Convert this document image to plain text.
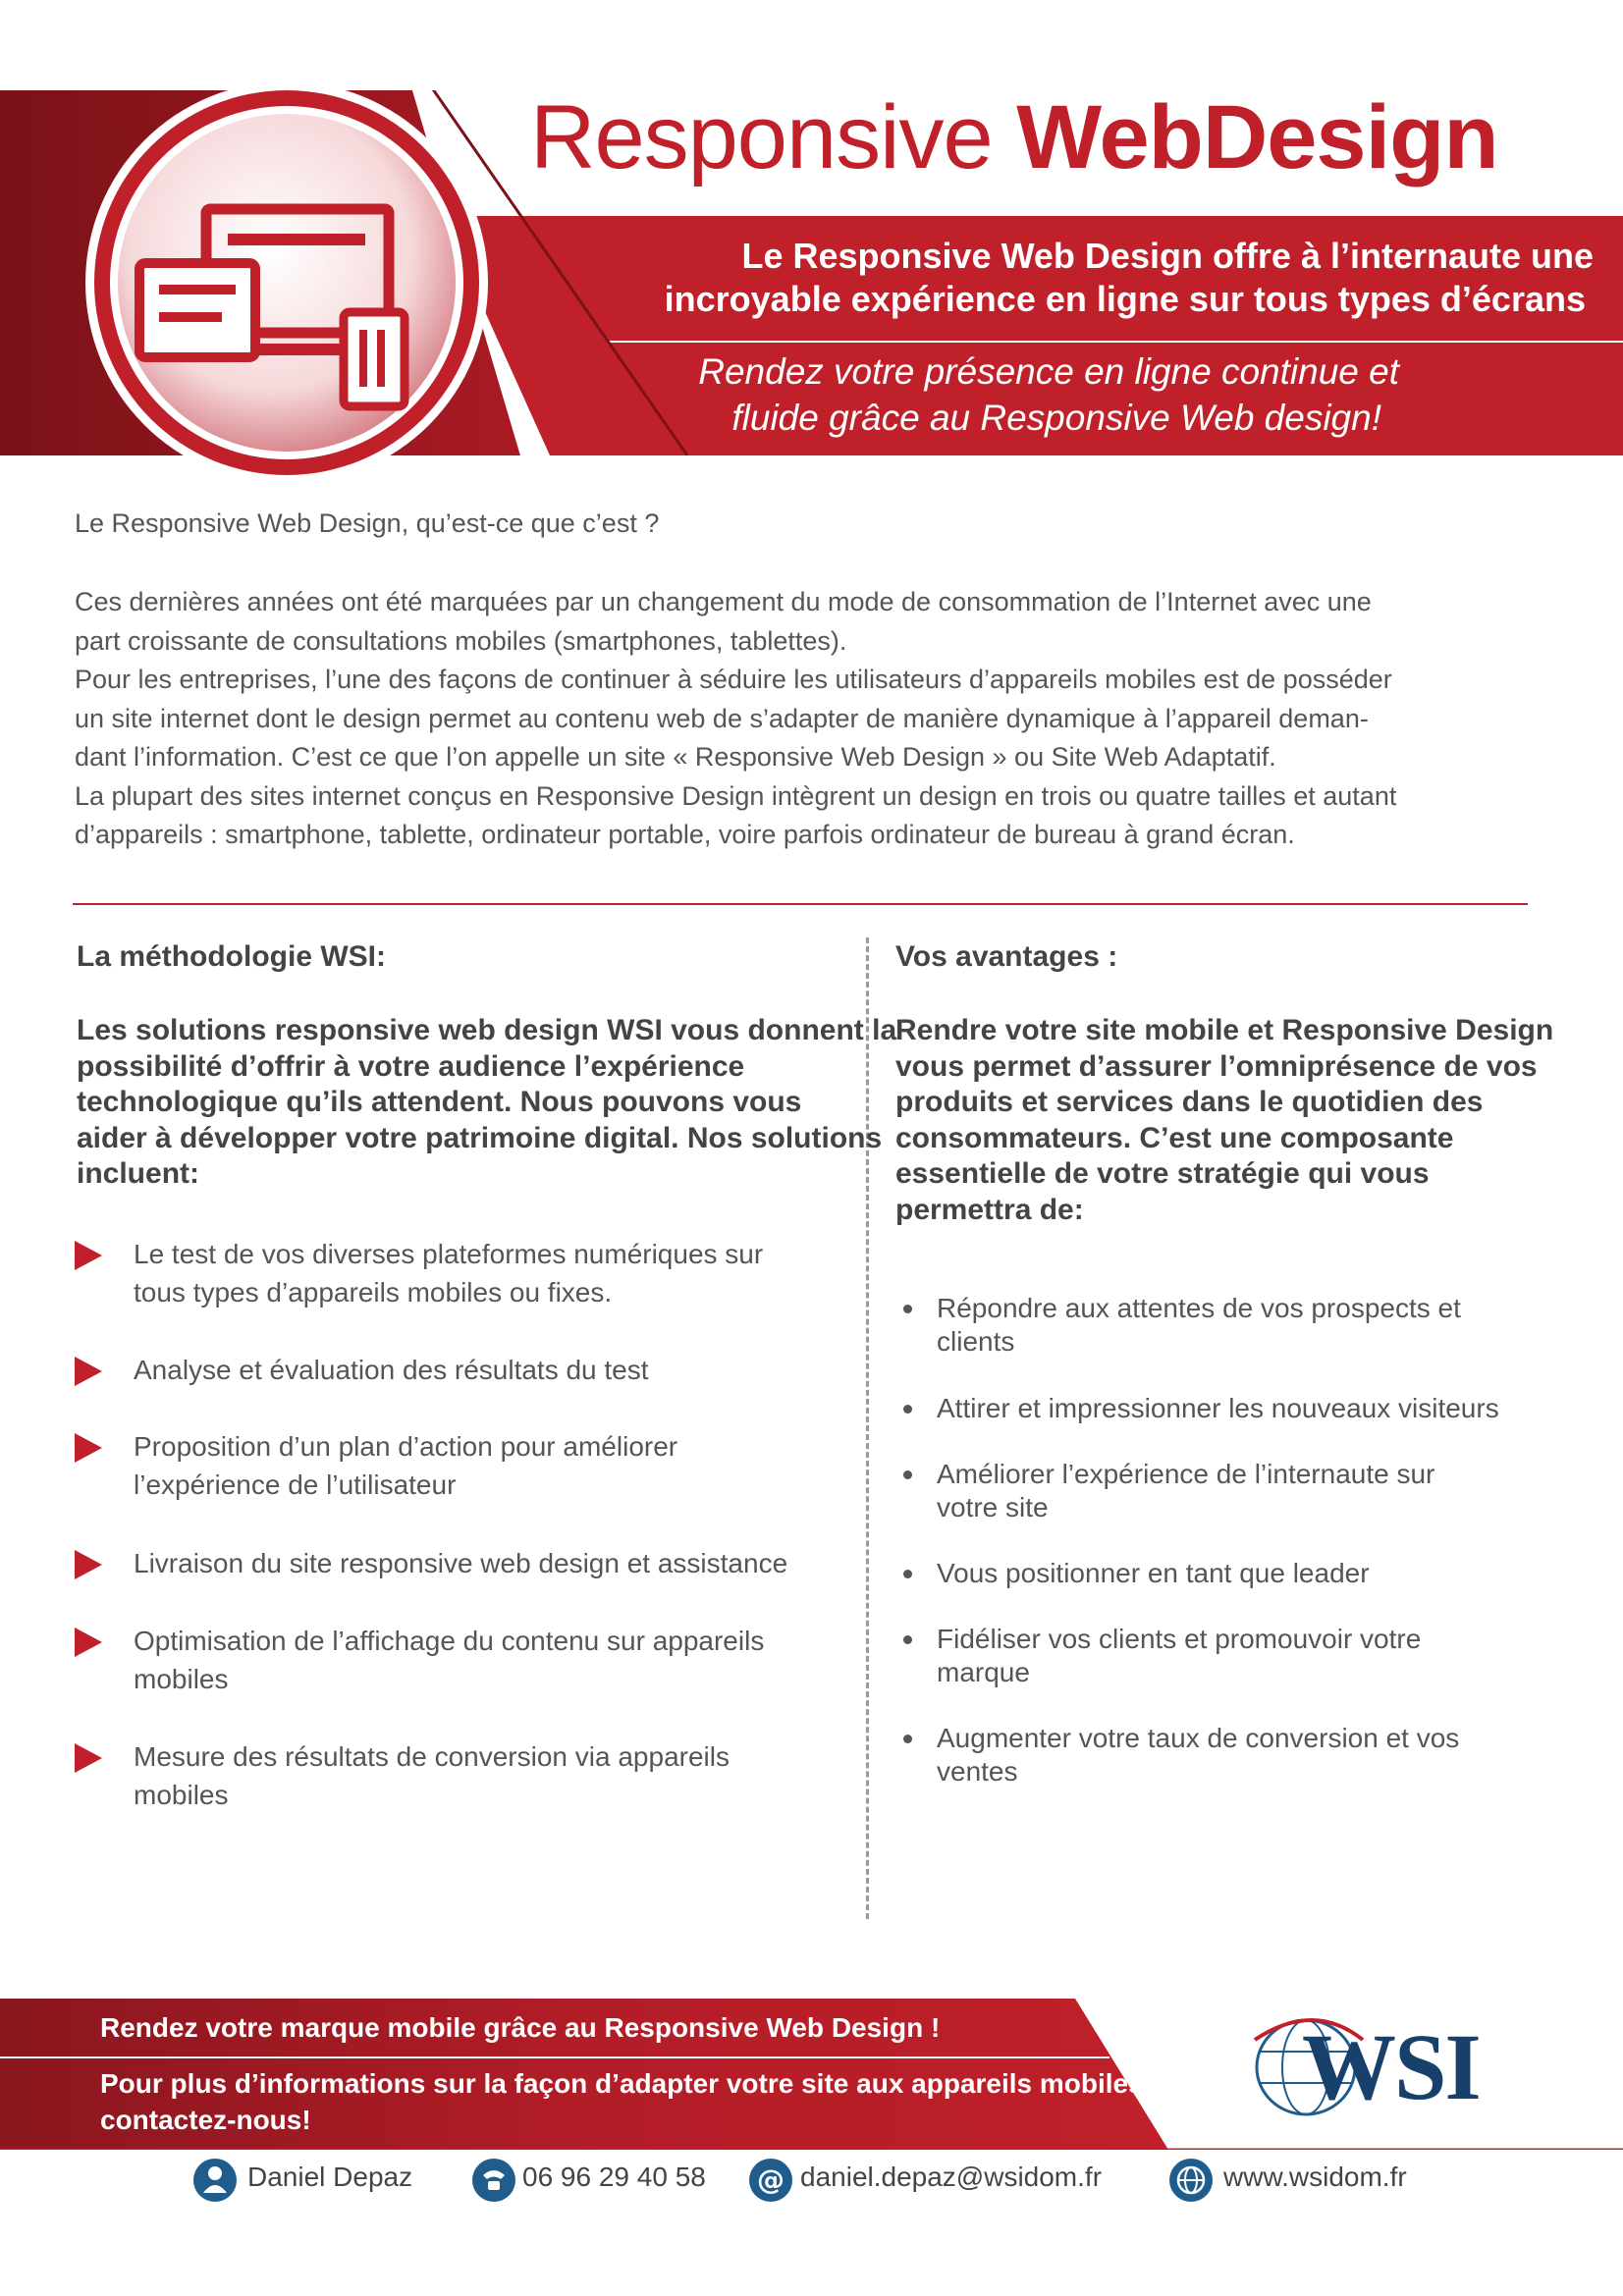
Responsive WebDesign
Le Responsive Web Design offre à l’internaute une
incroyable expérience en ligne sur tous types d’écrans
Rendez votre présence en ligne continue et
fluide grâce au Responsive Web design!
Le Responsive Web Design, qu’est-ce que c’est ?
Ces dernières années ont été marquées par un changement du mode de consommation de l’Internet avec une
part croissante de consultations mobiles (smartphones, tablettes).
Pour les entreprises, l’une des façons de continuer à séduire les utilisateurs d’appareils mobiles est de posséder
un site internet dont le design permet au contenu web de s’adapter de manière dynamique à l’appareil deman-
dant l’information. C’est ce que l’on appelle un site « Responsive Web Design » ou Site Web Adaptatif.
La plupart des sites internet conçus en Responsive Design intègrent un design en trois ou quatre tailles et autant
d’appareils : smartphone, tablette, ordinateur portable, voire parfois ordinateur de bureau à grand écran.
La méthodologie WSI:
Les solutions responsive web design WSI vous donnent la
possibilité d’offrir à votre audience l’expérience
technologique qu’ils attendent. Nous pouvons vous
aider à développer votre patrimoine digital. Nos solutions
incluent:
Le test de vos diverses plateformes numériques sur
tous types d’appareils mobiles ou fixes.
Analyse et évaluation des résultats du test
Proposition d’un plan d’action pour améliorer
l’expérience de l’utilisateur
Livraison du site responsive web design et assistance
Optimisation de l’affichage du contenu sur appareils
mobiles
Mesure des résultats de conversion via appareils
mobiles
Vos avantages :
Rendre votre site mobile et Responsive Design
vous permet d’assurer l’omniprésence de vos
produits et services dans le quotidien des
consommateurs. C’est une composante
essentielle de votre stratégie qui vous
permettra de:
Répondre aux attentes de vos prospects et
clients
Attirer et impressionner les nouveaux visiteurs
Améliorer l’expérience de l’internaute sur
votre site
Vous positionner en tant que leader
Fidéliser vos clients et promouvoir votre
marque
Augmenter votre taux de conversion et vos
ventes
Rendez votre marque mobile grâce au Responsive Web Design !
Pour plus d’informations sur la façon d’adapter votre site aux appareils mobiles,
contactez-nous!
WSI
Daniel Depaz	06 96 29 40 58 @ daniel.depaz@wsidom.fr	www.wsidom.fr
